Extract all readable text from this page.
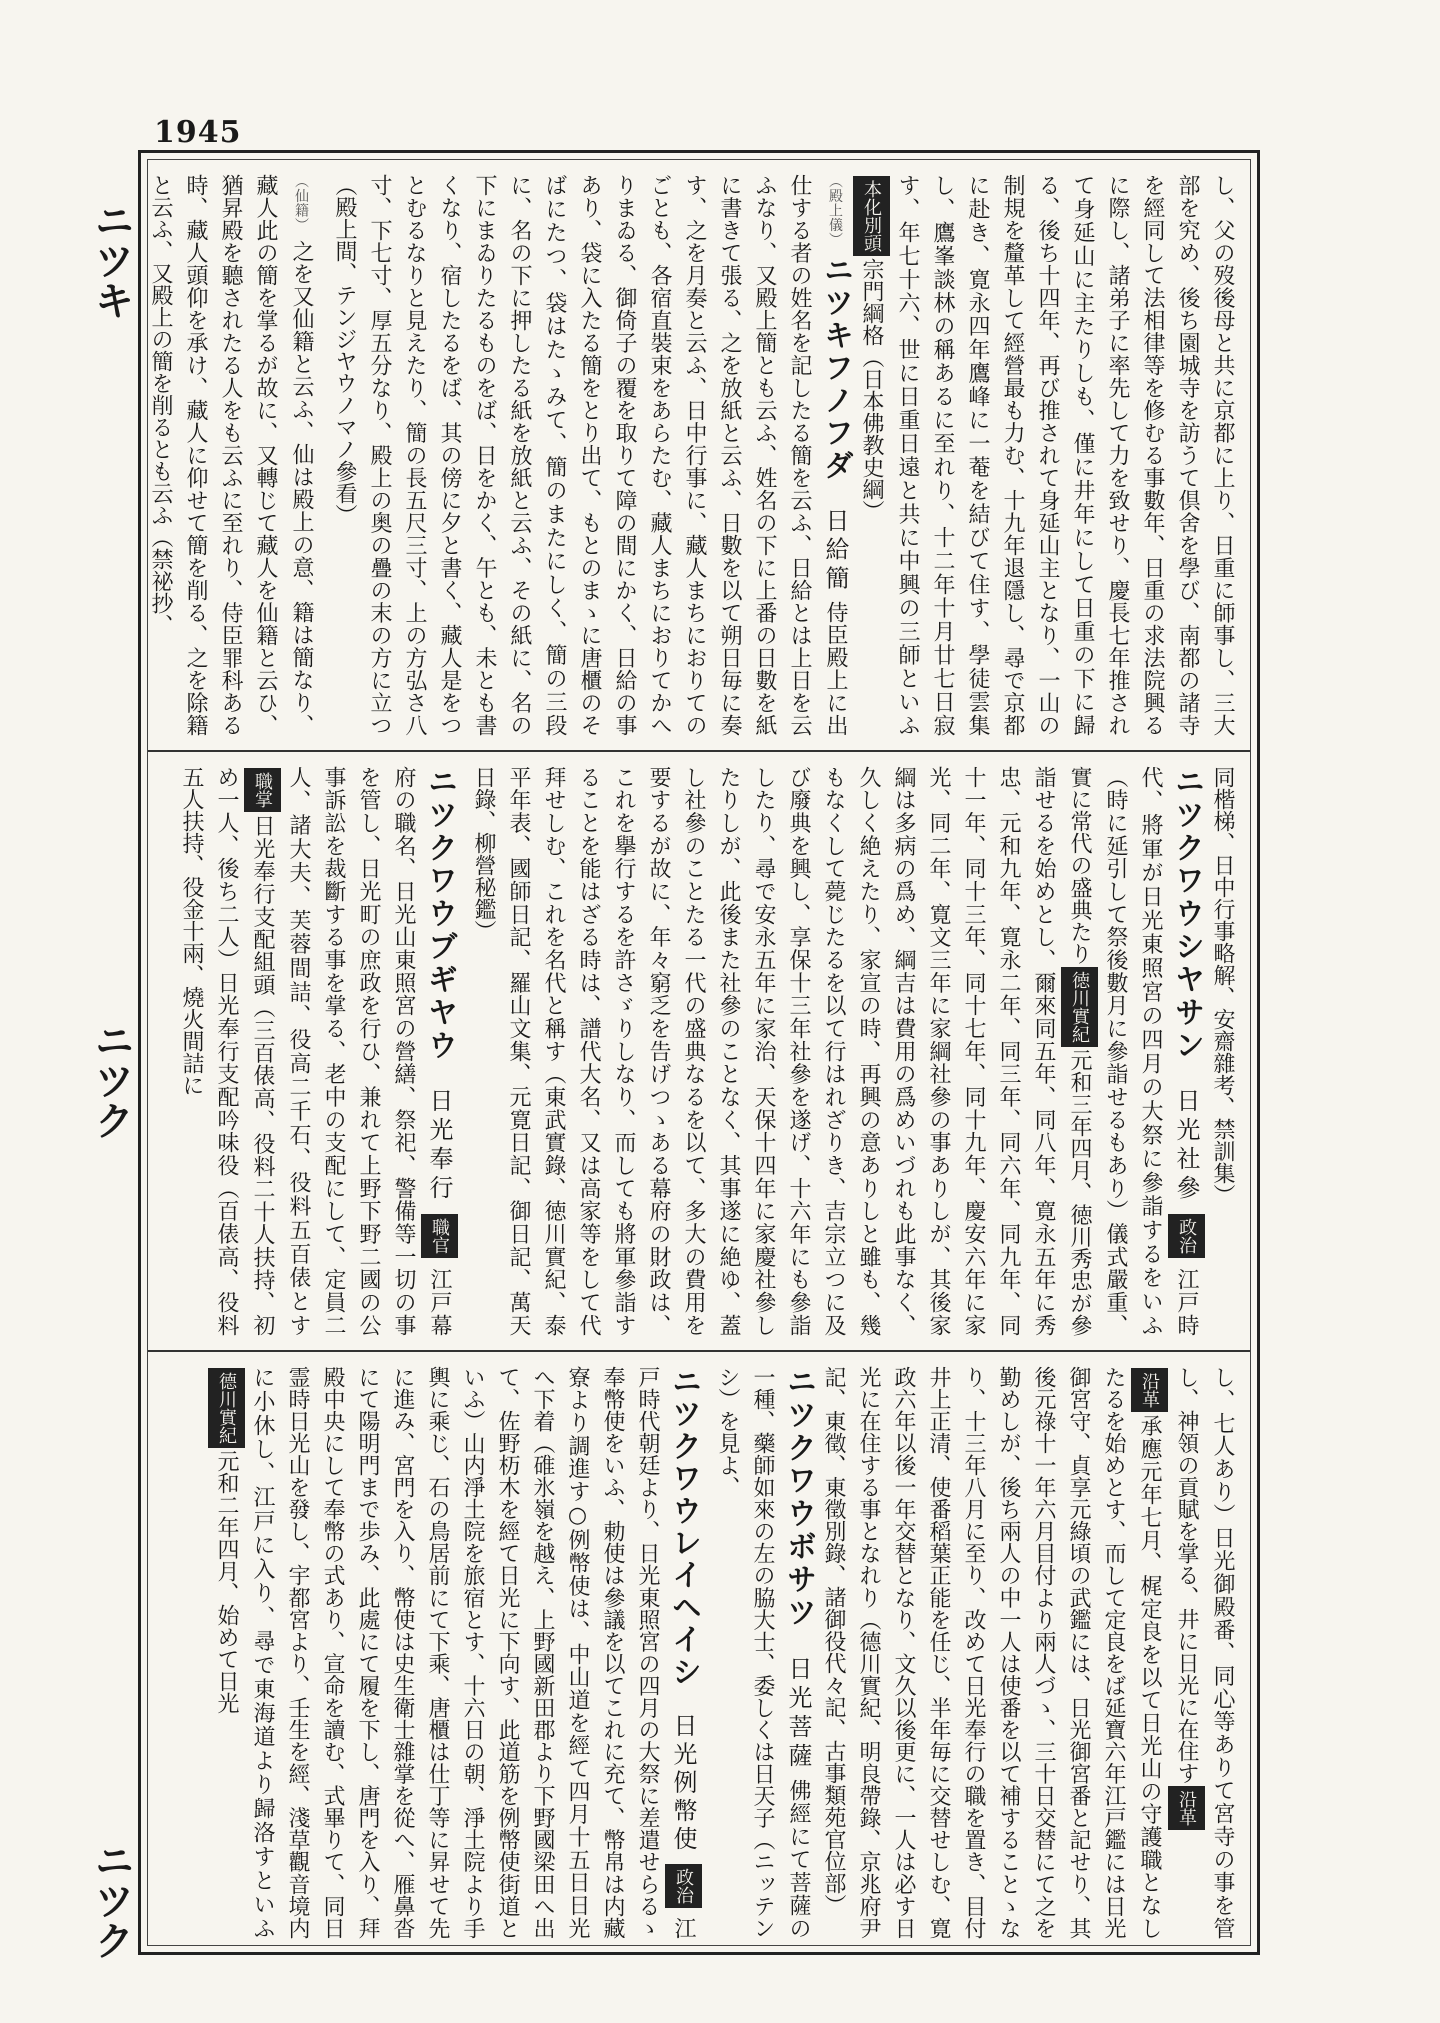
1945
ニツキ
ニツク
ニツク
し、父の歿後母と共に京都に上り、日重に師事し、三大部を究め、後ち園城寺を訪うて倶舍を學び、南都の諸寺を經同して法相律等を修むる事數年、日重の求法院興るに際し、諸弟子に率先して力を致せり、慶長七年推されて身延山に主たりしも、僅に井年にして日重の下に歸る、後ち十四年、再び推されて身延山主となり、一山の制規を釐革して經營最も力む、十九年退隱し、尋で京都に赴き、寛永四年鷹峰に一菴を結びて住す、學徒雲集し、鷹峯談林の稱あるに至れり、十二年十月廿七日寂す、年七十六、世に日重日遠と共に中興の三師といふ本化別頭宗門綱格（日本佛教史綱）
（殿上儀） ニツキフノフダ 日給簡 侍臣殿上に出仕する者の姓名を記したる簡を云ふ、日給とは上日を云ふなり、又殿上簡とも云ふ、姓名の下に上番の日數を紙に書きて張る、之を放紙と云ふ、日數を以て朔日毎に奏す、之を月奏と云ふ、日中行事に、藏人まちにおりてのごとも、各宿直裝束をあらたむ、藏人まちにおりてかへりまゐる、御倚子の覆を取りて障の間にかく、日給の事あり、袋に入たる簡をとり出て、もとのまゝに唐櫃のそばにたつ、袋はたゝみて、簡のまたにしく、簡の三段に、名の下に押したる紙を放紙と云ふ、その紙に、名の下にまゐりたるものをば、日をかく、午とも、未とも書くなり、宿したるをば、其の傍に夕と書く、藏人是をつとむるなりと見えたり、簡の長五尺三寸、上の方弘さ八寸、下七寸、厚五分なり、殿上の奥の疊の末の方に立つ（殿上間、テンジヤウノマノ參看）
（仙籍） 之を又仙籍と云ふ、仙は殿上の意、籍は簡なり、藏人此の簡を掌るが故に、又轉じて藏人を仙籍と云ひ、猶昇殿を聽されたる人をも云ふに至れり、侍臣罪科ある時、藏人頭仰を承け、藏人に仰せて簡を削る、之を除籍と云ふ、又殿上の簡を削るとも云ふ（禁祕抄、
同楷梯、日中行事略解、安齋雜考、禁訓集）
ニツクワウシヤサン 日光社參 政治 江戸時代、將軍が日光東照宮の四月の大祭に參詣するをいふ（時に延引して祭後數月に參詣せるもあり）儀式嚴重、實に常代の盛典たり徳川實紀元和三年四月、徳川秀忠が參詣せるを始めとし、爾來同五年、同八年、寛永五年に秀忠、元和九年、寛永二年、同三年、同六年、同九年、同十一年、同十三年、同十七年、同十九年、慶安六年に家光、同二年、寛文三年に家綱社參の事ありしが、其後家綱は多病の爲め、綱吉は費用の爲めいづれも此事なく、久しく絶えたり、家宣の時、再興の意ありしと雖も、幾もなくして薨じたるを以て行はれざりき、吉宗立つに及び廢典を興し、享保十三年社參を遂げ、十六年にも參詣したり、尋で安永五年に家治、天保十四年に家慶社參したりしが、此後また社參のことなく、其事遂に絶ゆ、蓋し社參のことたる一代の盛典なるを以て、多大の費用を要するが故に、年々窮乏を告げつゝある幕府の財政は、これを擧行するを許さゞりしなり、而しても將軍參詣することを能はざる時は、譜代大名、又は高家等をして代拜せしむ、これを名代と稱す（東武實錄、徳川實紀、泰平年表、國師日記、羅山文集、元寛日記、御日記、萬天日錄、柳營秘鑑）
ニツクワウブギヤウ 日光奉行 職官 江戸幕府の職名、日光山東照宮の營繕、祭祀、警備等一切の事を管し、日光町の庶政を行ひ、兼れて上野下野二國の公事訴訟を裁斷する事を掌る、老中の支配にして、定員二人、諸大夫、芙蓉間詰、役高二千石、役料五百俵とす職掌日光奉行支配組頭（三百俵高、役料二十人扶持、初め一人、後ち二人）日光奉行支配吟味役（百俵高、役料五人扶持、役金十兩、燒火間詰に
し、七人あり）日光御殿番、同心等ありて宮寺の事を管し、神領の貢賦を掌る、井に日光に在住す沿革
沿革承應元年七月、梶定良を以て日光山の守護職となしたるを始めとす、而して定良をば延寶六年江戸鑑には日光御宮守、貞享元綠頃の武鑑には、日光御宮番と記せり、其後元祿十一年六月目付より兩人づゝ、三十日交替にて之を勤めしが、後ち兩人の中一人は使番を以て補することゝなり、十三年八月に至り、改めて日光奉行の職を置き、目付井上正清、使番稻葉正能を任じ、半年毎に交替せしむ、寛政六年以後一年交替となり、文久以後更に、一人は必す日光に在住する事となれり（德川實紀、明良帶錄、京兆府尹記、東徵、東徵別錄、諸御役代々記、古事類苑官位部）
ニツクワウボサツ 日光菩薩 佛經にて菩薩の一種、藥師如來の左の脇大士、委しくは日天子（ニッテンシ）を見よ、
ニツクワウレイヘイシ 日光例幣使 政治 江戸時代朝廷より、日光東照宮の四月の大祭に差遣せらるゝ奉幣使をいふ、勅使は參議を以てこれに充て、幣帛は内藏寮より調進す○例幣使は、中山道を經て四月十五日日光へ下着（碓氷嶺を越え、上野國新田郡より下野國梁田へ出て、佐野杤木を經て日光に下向す、此道筋を例幣使街道といふ）山内淨土院を旅宿とす、十六日の朝、淨土院より手輿に乘じ、石の鳥居前にて下乘、唐櫃は仕丁等に昇せて先に進み、宮門を入り、幣使は史生衛士雜掌を從へ、雁鼻沓にて陽明門まで歩み、此處にて履を下し、唐門を入り、拜殿中央にして奉幣の式あり、宣命を讀む、式畢りて、同日霊時日光山を發し、宇都宮より、壬生を經、淺草觀音境内に小休し、江戸に入り、尋で東海道より歸洛すといふ德川實紀元和二年四月、始めて日光
